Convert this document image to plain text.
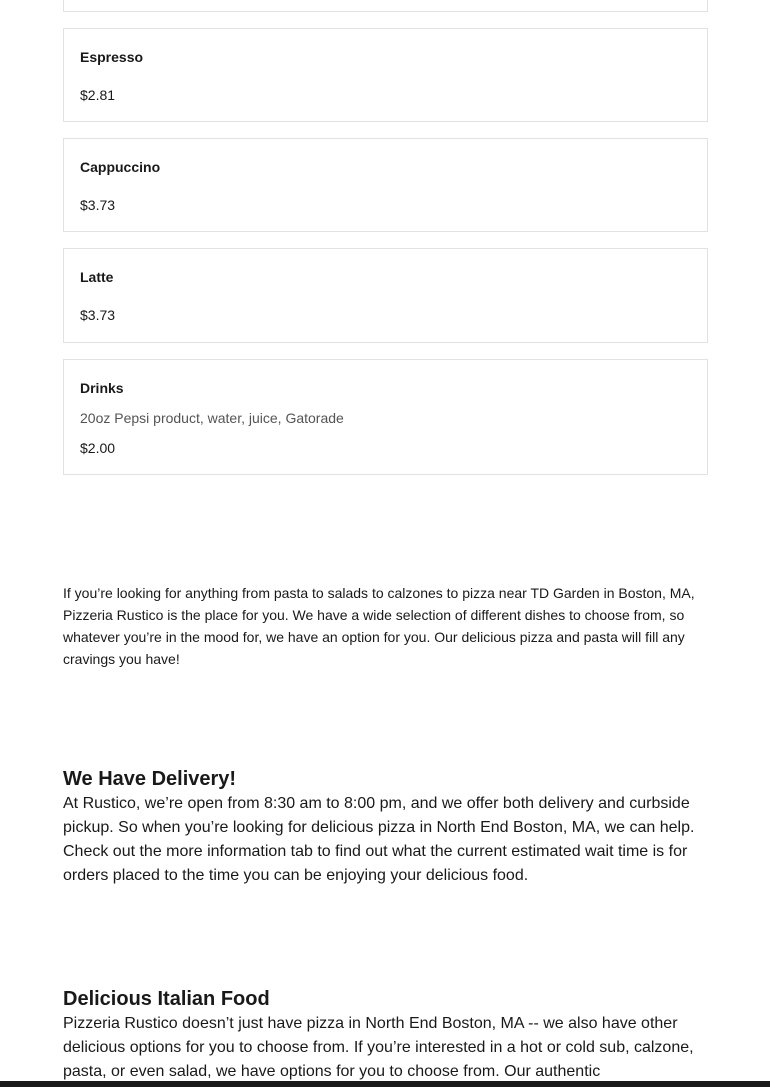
Espresso
$2.81
Cappuccino
$3.73
Latte
$3.73
Drinks
20oz Pepsi product, water, juice, Gatorade
$2.00
If you’re looking for anything from pasta to salads to calzones to pizza near TD Garden in Boston, MA, Pizzeria Rustico is the place for you. We have a wide selection of different dishes to choose from, so whatever you’re in the mood for, we have an option for you. Our delicious pizza and pasta will fill any cravings you have!
We Have Delivery!

At Rustico, we’re open from 8:30 am to 8:00 pm, and we offer both delivery and curbside pickup. So when you’re looking for delicious pizza in North End Boston, MA, we can help. Check out the more information tab to find out what the current estimated wait time is for orders placed to the time you can be enjoying your delicious food.

Delicious Italian Food

Pizzeria Rustico doesn’t just have pizza in North End Boston, MA -- we also have other delicious options for you to choose from. If you’re interested in a hot or cold sub, calzone, pasta, or even salad, we have options for you to choose from. Our authentic
